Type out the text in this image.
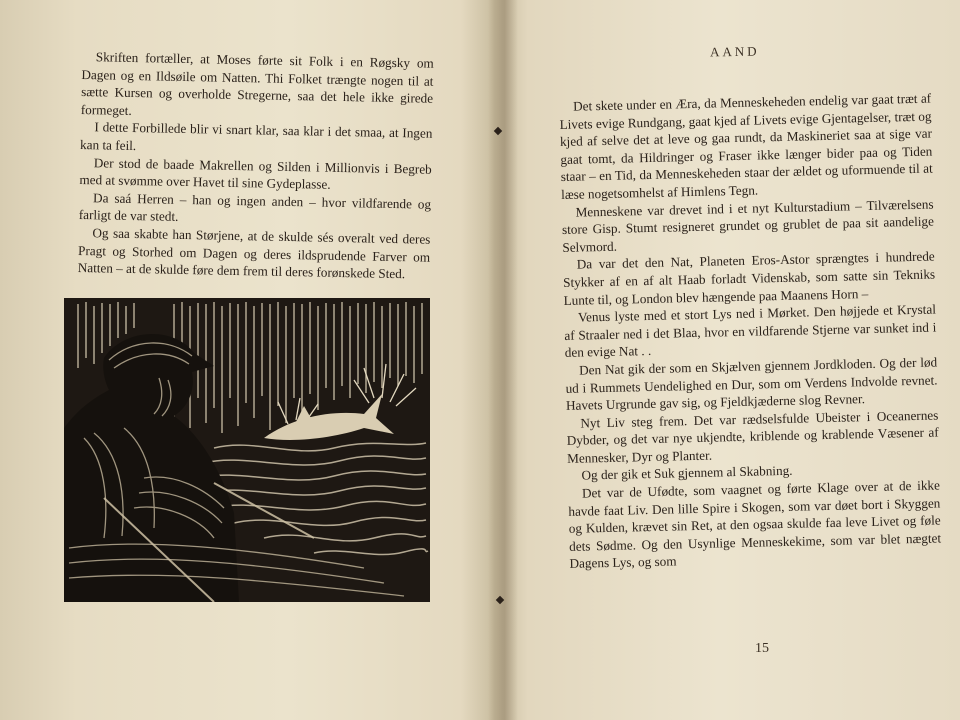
Skriften fortæller, at Moses førte sit Folk i en Røgsky om Dagen og en Ildsøile om Natten. Thi Folket trængte nogen til at sætte Kursen og overholde Stregerne, saa det hele ikke girede formeget.

I dette Forbillede blir vi snart klar, saa klar i det smaa, at Ingen kan ta feil.

Der stod de baade Makrellen og Silden i Millionvis i Begreb med at svømme over Havet til sine Gydeplasse.

Da saá Herren – han og ingen anden – hvor vildfarende og farligt de var stedt.

Og saa skabte han Størjene, at de skulde sés overalt ved deres Pragt og Storhed om Dagen og deres ildsprudende Farver om Natten – at de skulde føre dem frem til deres forønskede Sted.

AAND

Det skete under en Æra, da Menneskeheden endelig var gaat træt af Livets evige Rundgang, gaat kjed af Livets evige Gjentagelser, træt og kjed af selve det at leve og gaa rundt, da Maskineriet saa at sige var gaat tomt, da Hildringer og Fraser ikke længer bider paa og Tiden staar – en Tid, da Menneskeheden staar der ældet og uformuende til at læse nogetsomhelst af Himlens Tegn.

Menneskene var drevet ind i et nyt Kulturstadium – Tilværelsens store Gisp. Stumt resigneret grundet og grublet de paa sit aandelige Selvmord.

Da var det den Nat, Planeten Eros-Astor sprængtes i hundrede Stykker af en af alt Haab forladt Videnskab, som satte sin Tekniks Lunte til, og London blev hængende paa Maanens Horn –

Venus lyste med et stort Lys ned i Mørket. Den højjede et Krystal af Straaler ned i det Blaa, hvor en vildfarende Stjerne var sunket ind i den evige Nat . .

Den Nat gik der som en Skjælven gjennem Jordkloden. Og der lød ud i Rummets Uendelighed en Dur, som om Verdens Indvolde revnet. Havets Urgrunde gav sig, og Fjeldkjæderne slog Revner.

Nyt Liv steg frem. Det var rædselsfulde Ubeister i Oceanernes Dybder, og det var nye ukjendte, kriblende og krablende Væsener af Mennesker, Dyr og Planter.

Og der gik et Suk gjennem al Skabning.

Det var de Ufødte, som vaagnet og førte Klage over at de ikke havde faat Liv. Den lille Spire i Skogen, som var døet bort i Skyggen og Kulden, krævet sin Ret, at den ogsaa skulde faa leve Livet og føle dets Sødme. Og den Usynlige Menneskekime, som var blet nægtet Dagens Lys, og som

15
